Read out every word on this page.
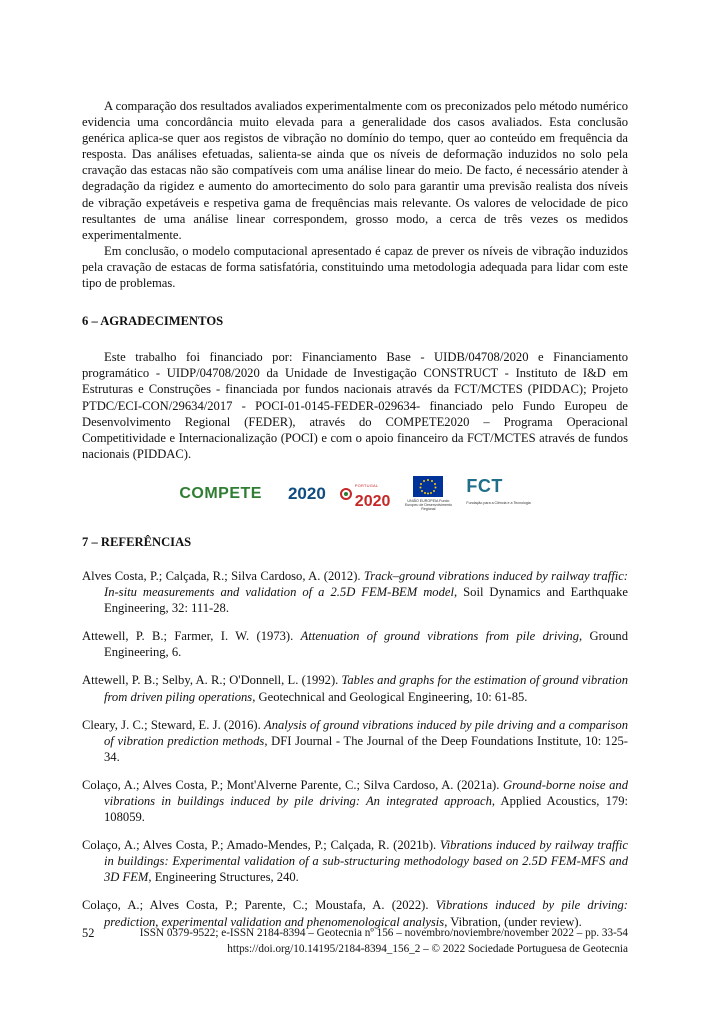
A comparação dos resultados avaliados experimentalmente com os preconizados pelo método numérico evidencia uma concordância muito elevada para a generalidade dos casos avaliados. Esta conclusão genérica aplica-se quer aos registos de vibração no domínio do tempo, quer ao conteúdo em frequência da resposta. Das análises efetuadas, salienta-se ainda que os níveis de deformação induzidos no solo pela cravação das estacas não são compatíveis com uma análise linear do meio. De facto, é necessário atender à degradação da rigidez e aumento do amortecimento do solo para garantir uma previsão realista dos níveis de vibração expetáveis e respetiva gama de frequências mais relevante. Os valores de velocidade de pico resultantes de uma análise linear correspondem, grosso modo, a cerca de três vezes os medidos experimentalmente.

Em conclusão, o modelo computacional apresentado é capaz de prever os níveis de vibração induzidos pela cravação de estacas de forma satisfatória, constituindo uma metodologia adequada para lidar com este tipo de problemas.

6 – AGRADECIMENTOS

Este trabalho foi financiado por: Financiamento Base - UIDB/04708/2020 e Financiamento programático - UIDP/04708/2020 da Unidade de Investigação CONSTRUCT - Instituto de I&D em Estruturas e Construções - financiada por fundos nacionais através da FCT/MCTES (PIDDAC); Projeto PTDC/ECI-CON/29634/2017 - POCI-01-0145-FEDER-029634- financiado pelo Fundo Europeu de Desenvolvimento Regional (FEDER), através do COMPETE2020 – Programa Operacional Competitividade e Internacionalização (POCI) e com o apoio financeiro da FCT/MCTES através de fundos nacionais (PIDDAC).

COMPETE 2020	PORTUGAL
2020	UNIÃO EUROPEIA Fundo Europeu de Desenvolvimento Regional
FCT
Fundação para a Ciência e a Tecnologia
7 – REFERÊNCIAS

Alves Costa, P.; Calçada, R.; Silva Cardoso, A. (2012). Track–ground vibrations induced by railway traffic: In-situ measurements and validation of a 2.5D FEM-BEM model, Soil Dynamics and Earthquake Engineering, 32: 111-28.

Attewell, P. B.; Farmer, I. W. (1973). Attenuation of ground vibrations from pile driving, Ground Engineering, 6.

Attewell, P. B.; Selby, A. R.; O'Donnell, L. (1992). Tables and graphs for the estimation of ground vibration from driven piling operations, Geotechnical and Geological Engineering, 10: 61-85.

Cleary, J. C.; Steward, E. J. (2016). Analysis of ground vibrations induced by pile driving and a comparison of vibration prediction methods, DFI Journal - The Journal of the Deep Foundations Institute, 10: 125-34.

Colaço, A.; Alves Costa, P.; Mont'Alverne Parente, C.; Silva Cardoso, A. (2021a). Ground-borne noise and vibrations in buildings induced by pile driving: An integrated approach, Applied Acoustics, 179: 108059.

Colaço, A.; Alves Costa, P.; Amado-Mendes, P.; Calçada, R. (2021b). Vibrations induced by railway traffic in buildings: Experimental validation of a sub-structuring methodology based on 2.5D FEM-MFS and 3D FEM, Engineering Structures, 240.

Colaço, A.; Alves Costa, P.; Parente, C.; Moustafa, A. (2022). Vibrations induced by pile driving: prediction, experimental validation and phenomenological analysis, Vibration, (under review).

52	ISSN 0379-9522; e-ISSN 2184-8394 – Geotecnia nº 156 – novembro/noviembre/november 2022 – pp. 33-54
https://doi.org/10.14195/2184-8394_156_2 – © 2022 Sociedade Portuguesa de Geotecnia
